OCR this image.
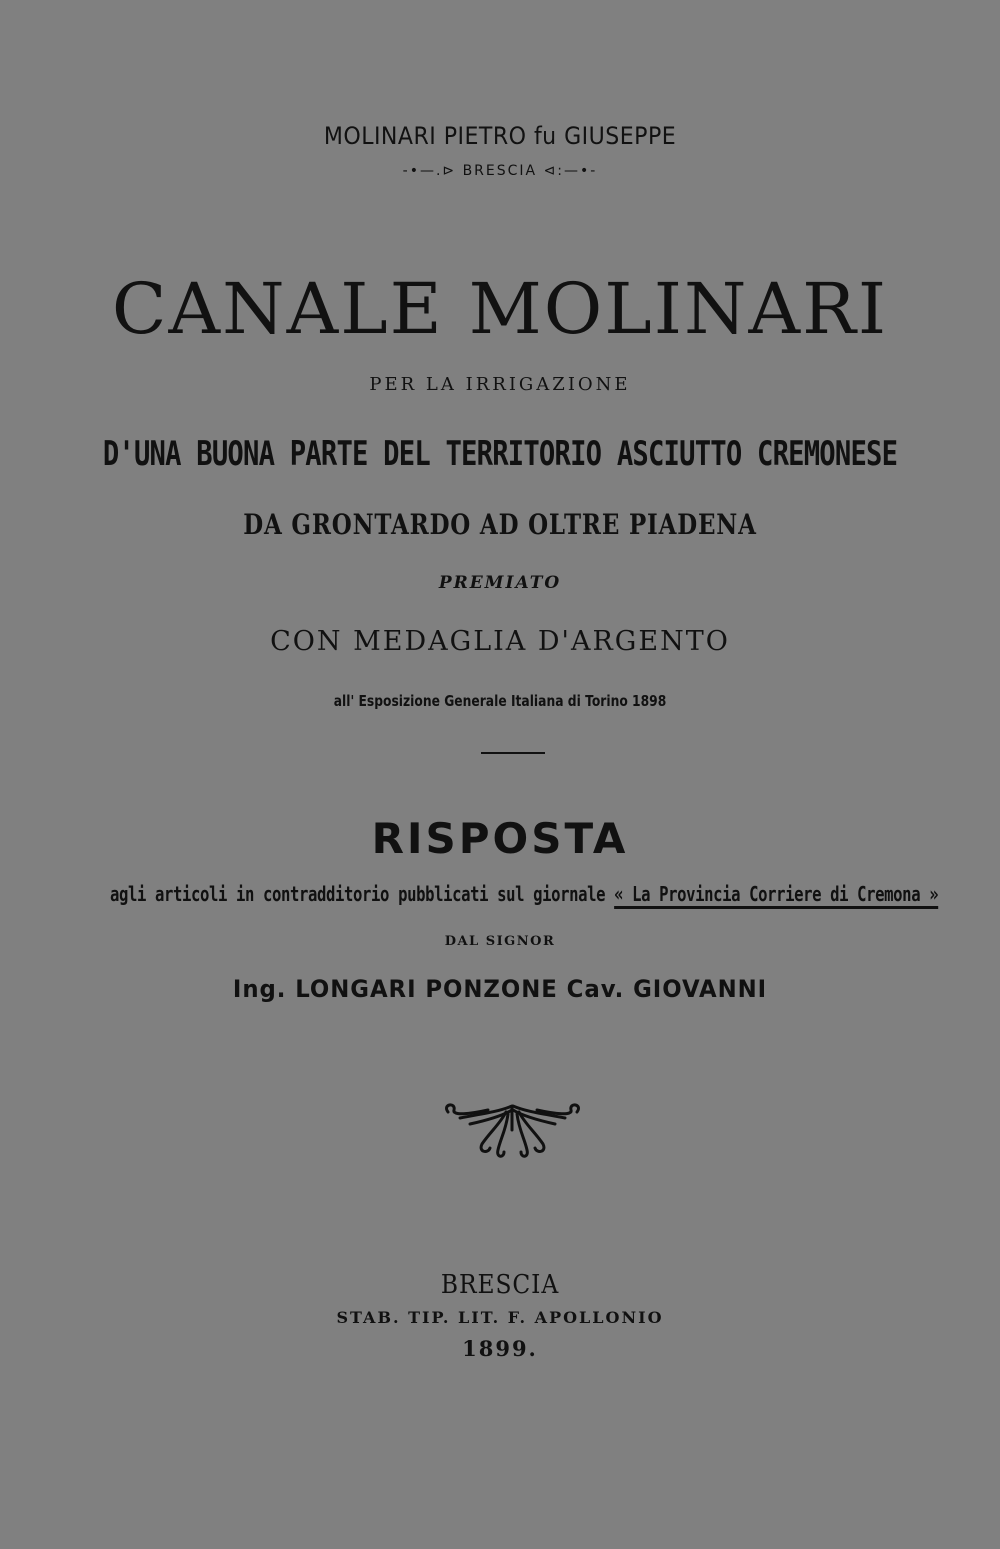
MOLINARI PIETRO fu GIUSEPPE
-•—.⊳ BRESCIA ⊲:—•-
CANALE MOLINARI
PER LA IRRIGAZIONE
D'UNA BUONA PARTE DEL TERRITORIO ASCIUTTO CREMONESE
DA GRONTARDO AD OLTRE PIADENA
PREMIATO
CON MEDAGLIA D'ARGENTO
all' Esposizione Generale Italiana di Torino 1898
RISPOSTA
agli articoli in contradditorio pubblicati sul giornale « La Provincia Corriere di Cremona »
DAL SIGNOR
Ing. LONGARI PONZONE Cav. GIOVANNI
BRESCIA
STAB. TIP. LIT. F. APOLLONIO
1899.
